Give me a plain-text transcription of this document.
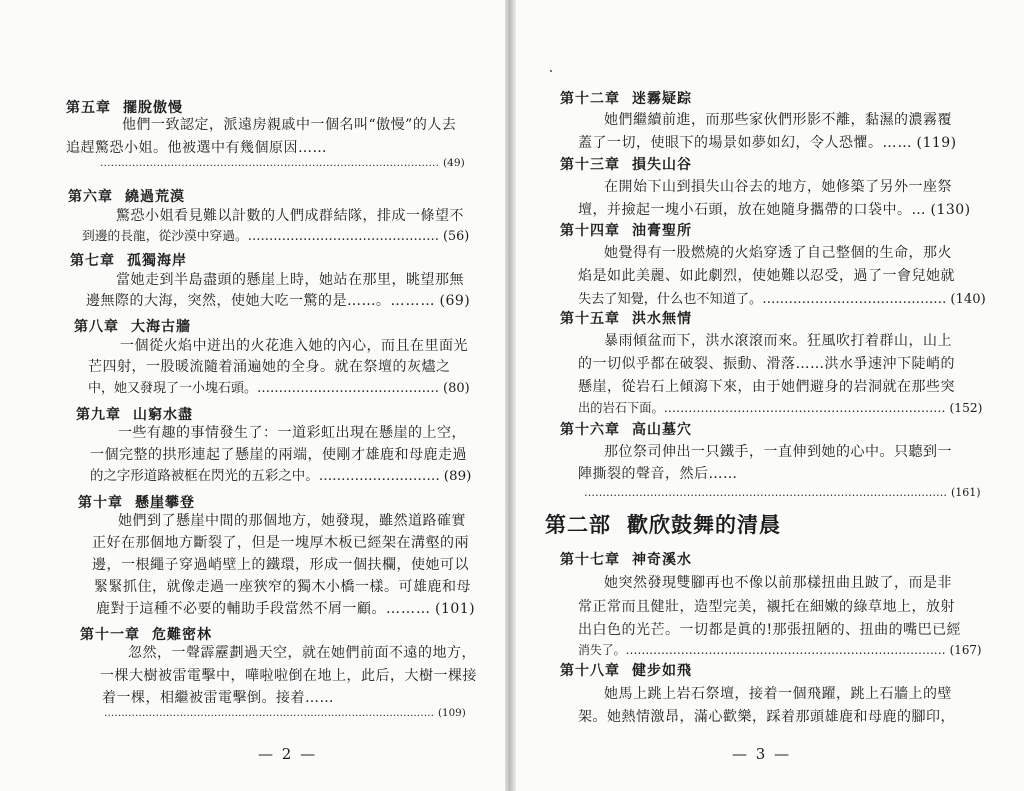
第五章 擺脫傲慢
他們一致認定，派遠房親戚中一個名叫“傲慢”的人去
追趕驚恐小姐。他被選中有幾個原因……
…………………………………………………………………………………… (49)
第六章 繞過荒漠
驚恐小姐看見難以計數的人們成群結隊，排成一條望不
到邊的長龍，從沙漠中穿過。……………………………………… (56)
第七章 孤獨海岸
當她走到半島盡頭的懸崖上時，她站在那里，眺望那無
邊無際的大海，突然，使她大吃一驚的是……。……… (69)
第八章 大海古牆
一個從火焰中迸出的火花進入她的內心，而且在里面光
芒四射，一股暖流隨着涌遍她的全身。就在祭壇的灰燼之
中，她又發現了一小塊石頭。…………………………………… (80)
第九章 山窮水盡
一些有趣的事情發生了：一道彩虹出現在懸崖的上空，
一個完整的拱形連起了懸崖的兩端，使剛才雄鹿和母鹿走過
的之字形道路被框在閃光的五彩之中。……………………… (89)
第十章 懸崖攀登
她們到了懸崖中間的那個地方，她發現，雖然道路確實
正好在那個地方斷裂了，但是一塊厚木板已經架在溝壑的兩
邊，一根繩子穿過峭壁上的鐵環，形成一個扶欄，使她可以
緊緊抓住，就像走過一座狹窄的獨木小橋一樣。可雄鹿和母
鹿對于這種不必要的輔助手段當然不屑一顧。……… (101)
第十一章 危難密林
忽然，一聲霹靂劃過天空，就在她們前面不遠的地方，
一棵大樹被雷電擊中，嘩啦啦倒在地上，此后，大樹一棵接
着一棵，相繼被雷電擊倒。接着……
…………………………………………………………………………………… (109)
— 2 —
第十二章 迷霧疑踪
她們繼續前進，而那些家伙們形影不離，黏濕的濃霧覆
蓋了一切，使眼下的場景如夢如幻，令人恐懼。…… (119)
第十三章 損失山谷
在開始下山到損失山谷去的地方，她修築了另外一座祭
壇，并撿起一塊小石頭，放在她隨身攜帶的口袋中。… (130)
第十四章 油膏聖所
她覺得有一股燃燒的火焰穿透了自己整個的生命，那火
焰是如此美麗、如此劇烈，使她難以忍受，過了一會兒她就
失去了知覺，什么也不知道了。…………………………………… (140)
第十五章 洪水無情
暴雨傾盆而下，洪水滾滾而來。狂風吹打着群山，山上
的一切似乎都在破裂、振動、滑落……洪水爭速沖下陡峭的
懸崖，從岩石上傾瀉下來，由于她們避身的岩洞就在那些突
出的岩石下面。…………………………………………………………… (152)
第十六章 高山墓穴
那位祭司伸出一只鐵手，一直伸到她的心中。只聽到一
陣撕裂的聲音，然后……
……………………………………………………………………………………… (161)
第二部 歡欣鼓舞的清晨
第十七章 神奇溪水
她突然發現雙腳再也不像以前那樣扭曲且跛了，而是非
常正常而且健壯，造型完美，襯托在細嫩的綠草地上，放射
出白色的光芒。一切都是眞的!那張扭陋的、扭曲的嘴巴已經
消失了。……………………………………………………………………… (167)
第十八章 健步如飛
她馬上跳上岩石祭壇，接着一個飛躍，跳上石牆上的壁
架。她熱情激昂，滿心歡樂，踩着那頭雄鹿和母鹿的腳印，
— 3 —
